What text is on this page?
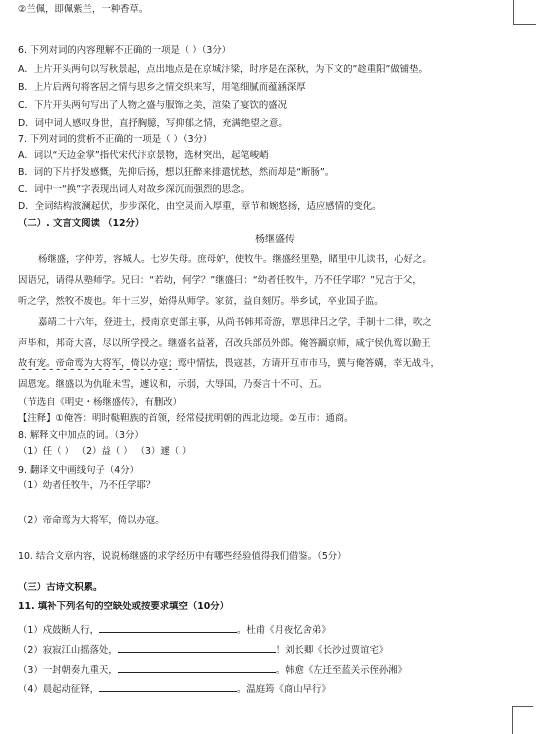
②兰佩，即佩紫兰，一种香草。
6. 下列对词的内容理解不正确的一项是（ ）（3分）
A．上片开头两句以写秋景起，点出地点是在京城汴梁，时序是在深秋，为下文的”趁重阳”做铺垫。
B．上片后两句将客居之情与思乡之情交织来写，用笔细腻而蕴涵深厚
C．下片开头两句写出了人物之盛与服饰之美，渲染了宴饮的盛况
D．词中词人感叹身世，直抒胸臆，写抑郁之情，充满绝望之意。
7. 下列对词的赏析不正确的一项是（ ）（3分）
A．词以“天边金掌”指代宋代汴京景物，选材突出，起笔峻峭
B．词的下片抒发感慨，先抑后扬，想以狂醉来排遣忧愁，然而却是“断肠”。
C．词中一“换”字表现出词人对故乡深沉而强烈的思念。
D．全词结构波澜起伏，步步深化，由空灵而入厚重，章节和婉悠扬，适应感情的变化。
（二）. 文言文阅读 （12分）
杨继盛传
杨继盛，字仲芳，容城人。七岁失母。庶母妒，使牧牛。继盛经里塾，睹里中儿读书，心好之。
因语兄，请得从塾师学。兄曰：“若幼，何学？”继盛曰：“幼者任牧牛，乃不任学耶？”兄言于父，
听之学，然牧不废也。年十三岁，始得从师学。家贫，益自刻厉。举乡试，卒业国子监。
嘉靖二十六年，登进士，授南京吏部主事，从尚书韩邦奇游，覃思律吕之学，手制十二律，吹之
声毕和，邦奇大喜，尽以所学授之。继盛名益著，召改兵部员外郎。俺答躏京师，咸宁侯仇鸾以勤王
故有宠。帝命鸾为大将军，倚以办寇；鸾中情怯，畏寇甚，方请开互市市马，冀与俺答媾，幸无战斗，
固恩宠。继盛以为仇耻未雪，遽议和，示弱，大辱国，乃奏言十不可、五。
（节选自《明史・杨继盛传》，有删改）
【注释】①俺答：明时鞑靼族的首领，经常侵扰明朝的西北边境。②互市：通商。
8. 解释文中加点的词。（3分）
（1）任（ ） （2）益（ ） （3）遽（ ）
9. 翻译文中画线句子（4分）
（1）幼者任牧牛，乃不任学耶？
（2）帝命鸾为大将军，倚以办寇。
10. 结合文章内容，说说杨继盛的求学经历中有哪些经验值得我们借鉴。（5分）
（三）古诗文积累。
11. 填补下列名句的空缺处或按要求填空（10分）
（1）戍鼓断人行，	。杜甫《月夜忆舍弟》
（2）寂寂江山摇落处，	！刘长卿《长沙过贾谊宅》
（3）一封朝奏九重天，	。韩愈《左迁至蓝关示侄孙湘》
（4）晨起动征铎，	。温庭筠《商山早行》
